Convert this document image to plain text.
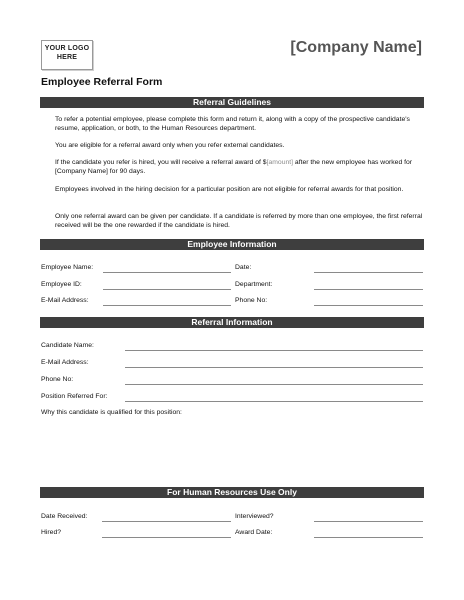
YOUR LOGO HERE
[Company Name]
Employee Referral Form
Referral Guidelines
To refer a potential employee, please complete this form and return it, along with a copy of the prospective candidate's resume, application, or both, to the Human Resources department.
You are eligible for a referral award only when you refer external candidates.
If the candidate you refer is hired, you will receive a referral award of $[amount] after the new employee has worked for [Company Name] for 90 days.
Employees involved in the hiring decision for a particular position are not eligible for referral awards for that position.
Only one referral award can be given per candidate. If a candidate is referred by more than one employee, the first referral received will be the one rewarded if the candidate is hired.
Employee Information
Employee Name:	Date:
Employee ID:	Department:
E-Mail Address:	Phone No:
Referral Information
Candidate Name:
E-Mail Address:
Phone No:
Position Referred For:
Why this candidate is qualified for this position:
For Human Resources Use Only
Date Received:	Interviewed?
Hired?	Award Date:
